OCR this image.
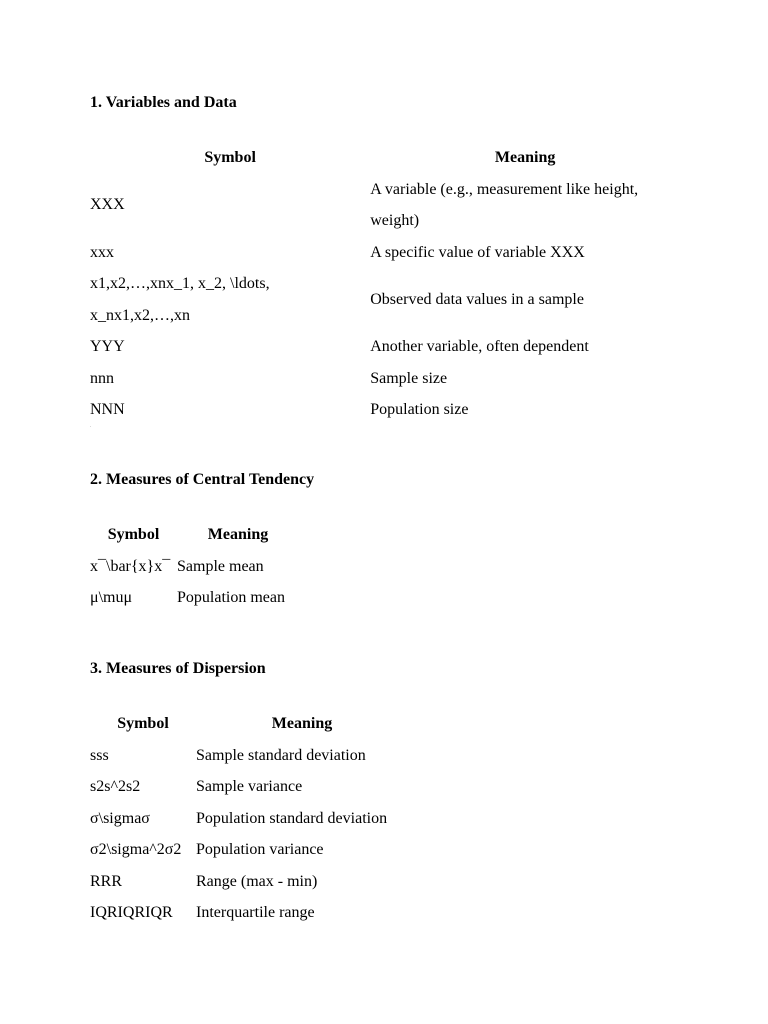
1. Variables and Data
Symbol	Meaning
XXX	A variable (e.g., measurement like height, weight)
xxx	A specific value of variable XXX
x1,x2,…,xnx_1, x_2, \ldots, x_nx1,x2,…,xn	Observed data values in a sample
YYY	Another variable, often dependent
nnn	Sample size
NNN	Population size
2. Measures of Central Tendency
Symbol	Meaning
x¯\bar{x}x¯	Sample mean
μ\muμ	Population mean
3. Measures of Dispersion
Symbol	Meaning
sss	Sample standard deviation
s2s^2s2	Sample variance
σ\sigmaσ	Population standard deviation
σ2\sigma^2σ2	Population variance
RRR	Range (max - min)
IQRIQRIQR	Interquartile range
